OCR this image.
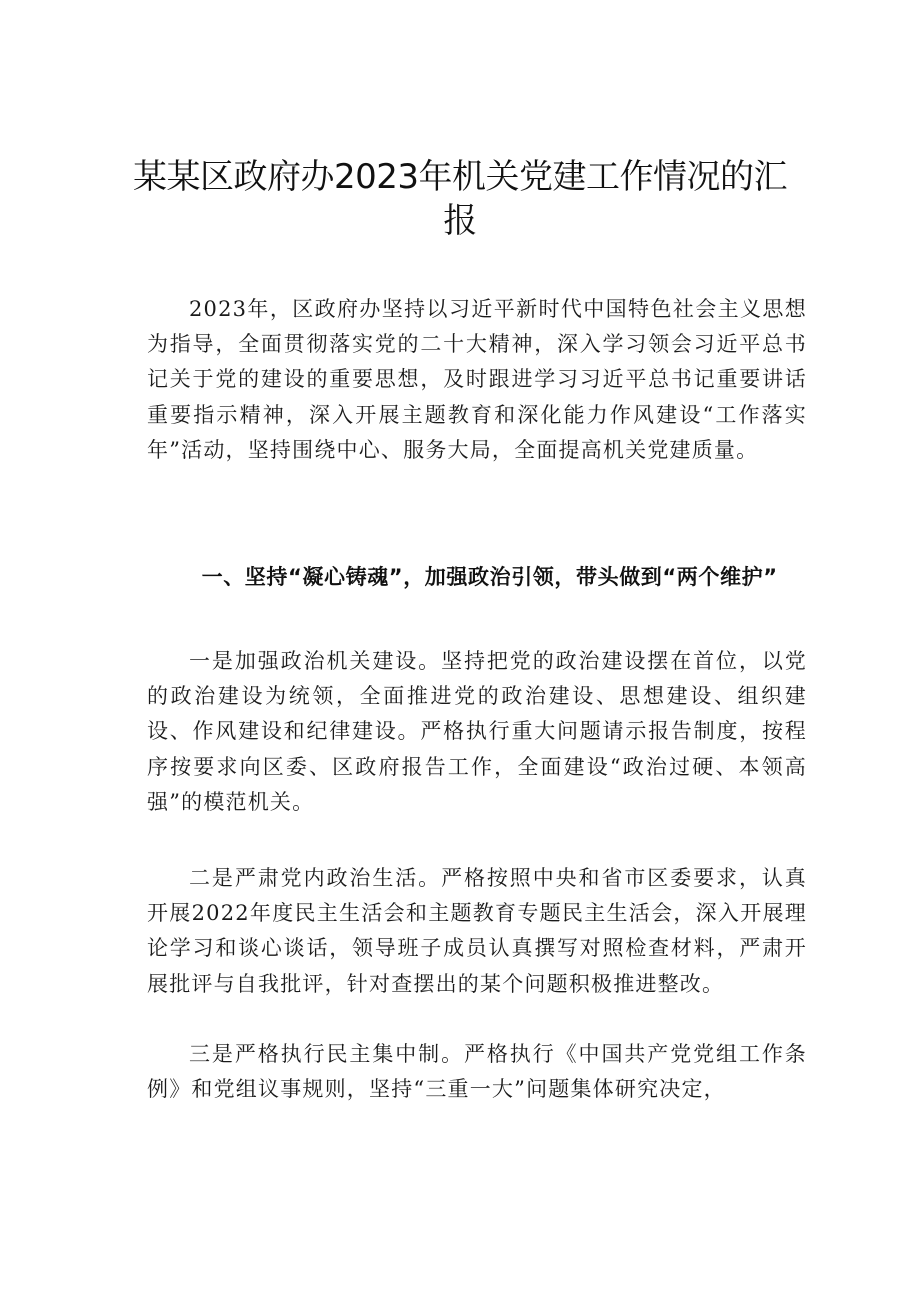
某某区政府办2023年机关党建工作情况的汇报

2023年，区政府办坚持以习近平新时代中国特色社会主义思想为指导，全面贯彻落实党的二十大精神，深入学习领会习近平总书记关于党的建设的重要思想，及时跟进学习习近平总书记重要讲话重要指示精神，深入开展主题教育和深化能力作风建设“工作落实年”活动，坚持围绕中心、服务大局，全面提高机关党建质量。

一、坚持“凝心铸魂”，加强政治引领，带头做到“两个维护”

一是加强政治机关建设。坚持把党的政治建设摆在首位，以党的政治建设为统领，全面推进党的政治建设、思想建设、组织建设、作风建设和纪律建设。严格执行重大问题请示报告制度，按程序按要求向区委、区政府报告工作，全面建设“政治过硬、本领高强”的模范机关。

二是严肃党内政治生活。严格按照中央和省市区委要求，认真开展2022年度民主生活会和主题教育专题民主生活会，深入开展理论学习和谈心谈话，领导班子成员认真撰写对照检查材料，严肃开展批评与自我批评，针对查摆出的某个问题积极推进整改。

三是严格执行民主集中制。严格执行《中国共产党党组工作条例》和党组议事规则，坚持“三重一大”问题集体研究决定，
